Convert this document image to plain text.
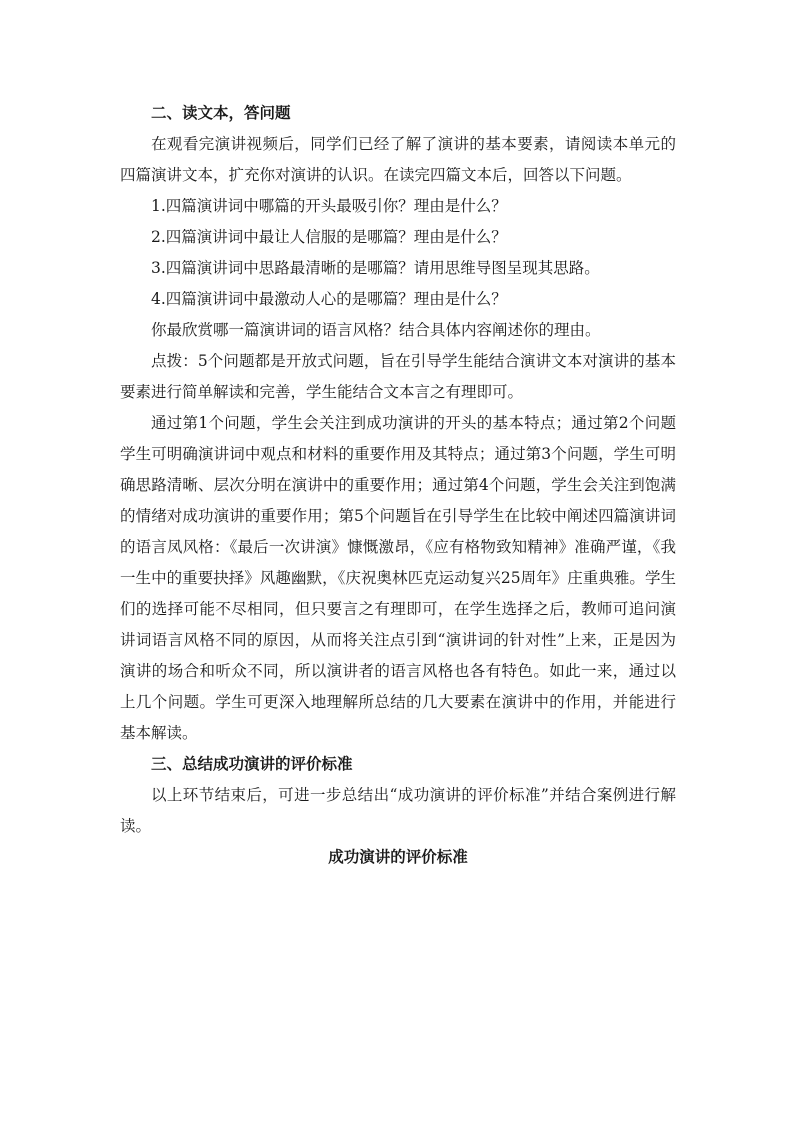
二、读文本，答问题

在观看完演讲视频后，同学们已经了解了演讲的基本要素，请阅读本单元的四篇演讲文本，扩充你对演讲的认识。在读完四篇文本后，回答以下问题。

1.四篇演讲词中哪篇的开头最吸引你？理由是什么？

2.四篇演讲词中最让人信服的是哪篇？理由是什么？

3.四篇演讲词中思路最清晰的是哪篇？请用思维导图呈现其思路。

4.四篇演讲词中最激动人心的是哪篇？理由是什么？

你最欣赏哪一篇演讲词的语言风格？结合具体内容阐述你的理由。

点拨：5个问题都是开放式问题，旨在引导学生能结合演讲文本对演讲的基本要素进行简单解读和完善，学生能结合文本言之有理即可。

通过第1个问题，学生会关注到成功演讲的开头的基本特点；通过第2个问题学生可明确演讲词中观点和材料的重要作用及其特点；通过第3个问题，学生可明确思路清晰、层次分明在演讲中的重要作用；通过第4个问题，学生会关注到饱满的情绪对成功演讲的重要作用；第5个问题旨在引导学生在比较中阐述四篇演讲词的语言凤风格：《最后一次讲演》慷慨激昂，《应有格物致知精神》准确严谨，《我一生中的重要抉择》风趣幽默，《庆祝奥林匹克运动复兴25周年》庄重典雅。学生们的选择可能不尽相同，但只要言之有理即可，在学生选择之后，教师可追问演讲词语言风格不同的原因，从而将关注点引到“演讲词的针对性”上来，正是因为演讲的场合和听众不同，所以演讲者的语言风格也各有特色。如此一来，通过以上几个问题。学生可更深入地理解所总结的几大要素在演讲中的作用，并能进行基本解读。

三、总结成功演讲的评价标准

以上环节结束后，可进一步总结出“成功演讲的评价标准”并结合案例进行解读。

成功演讲的评价标准
